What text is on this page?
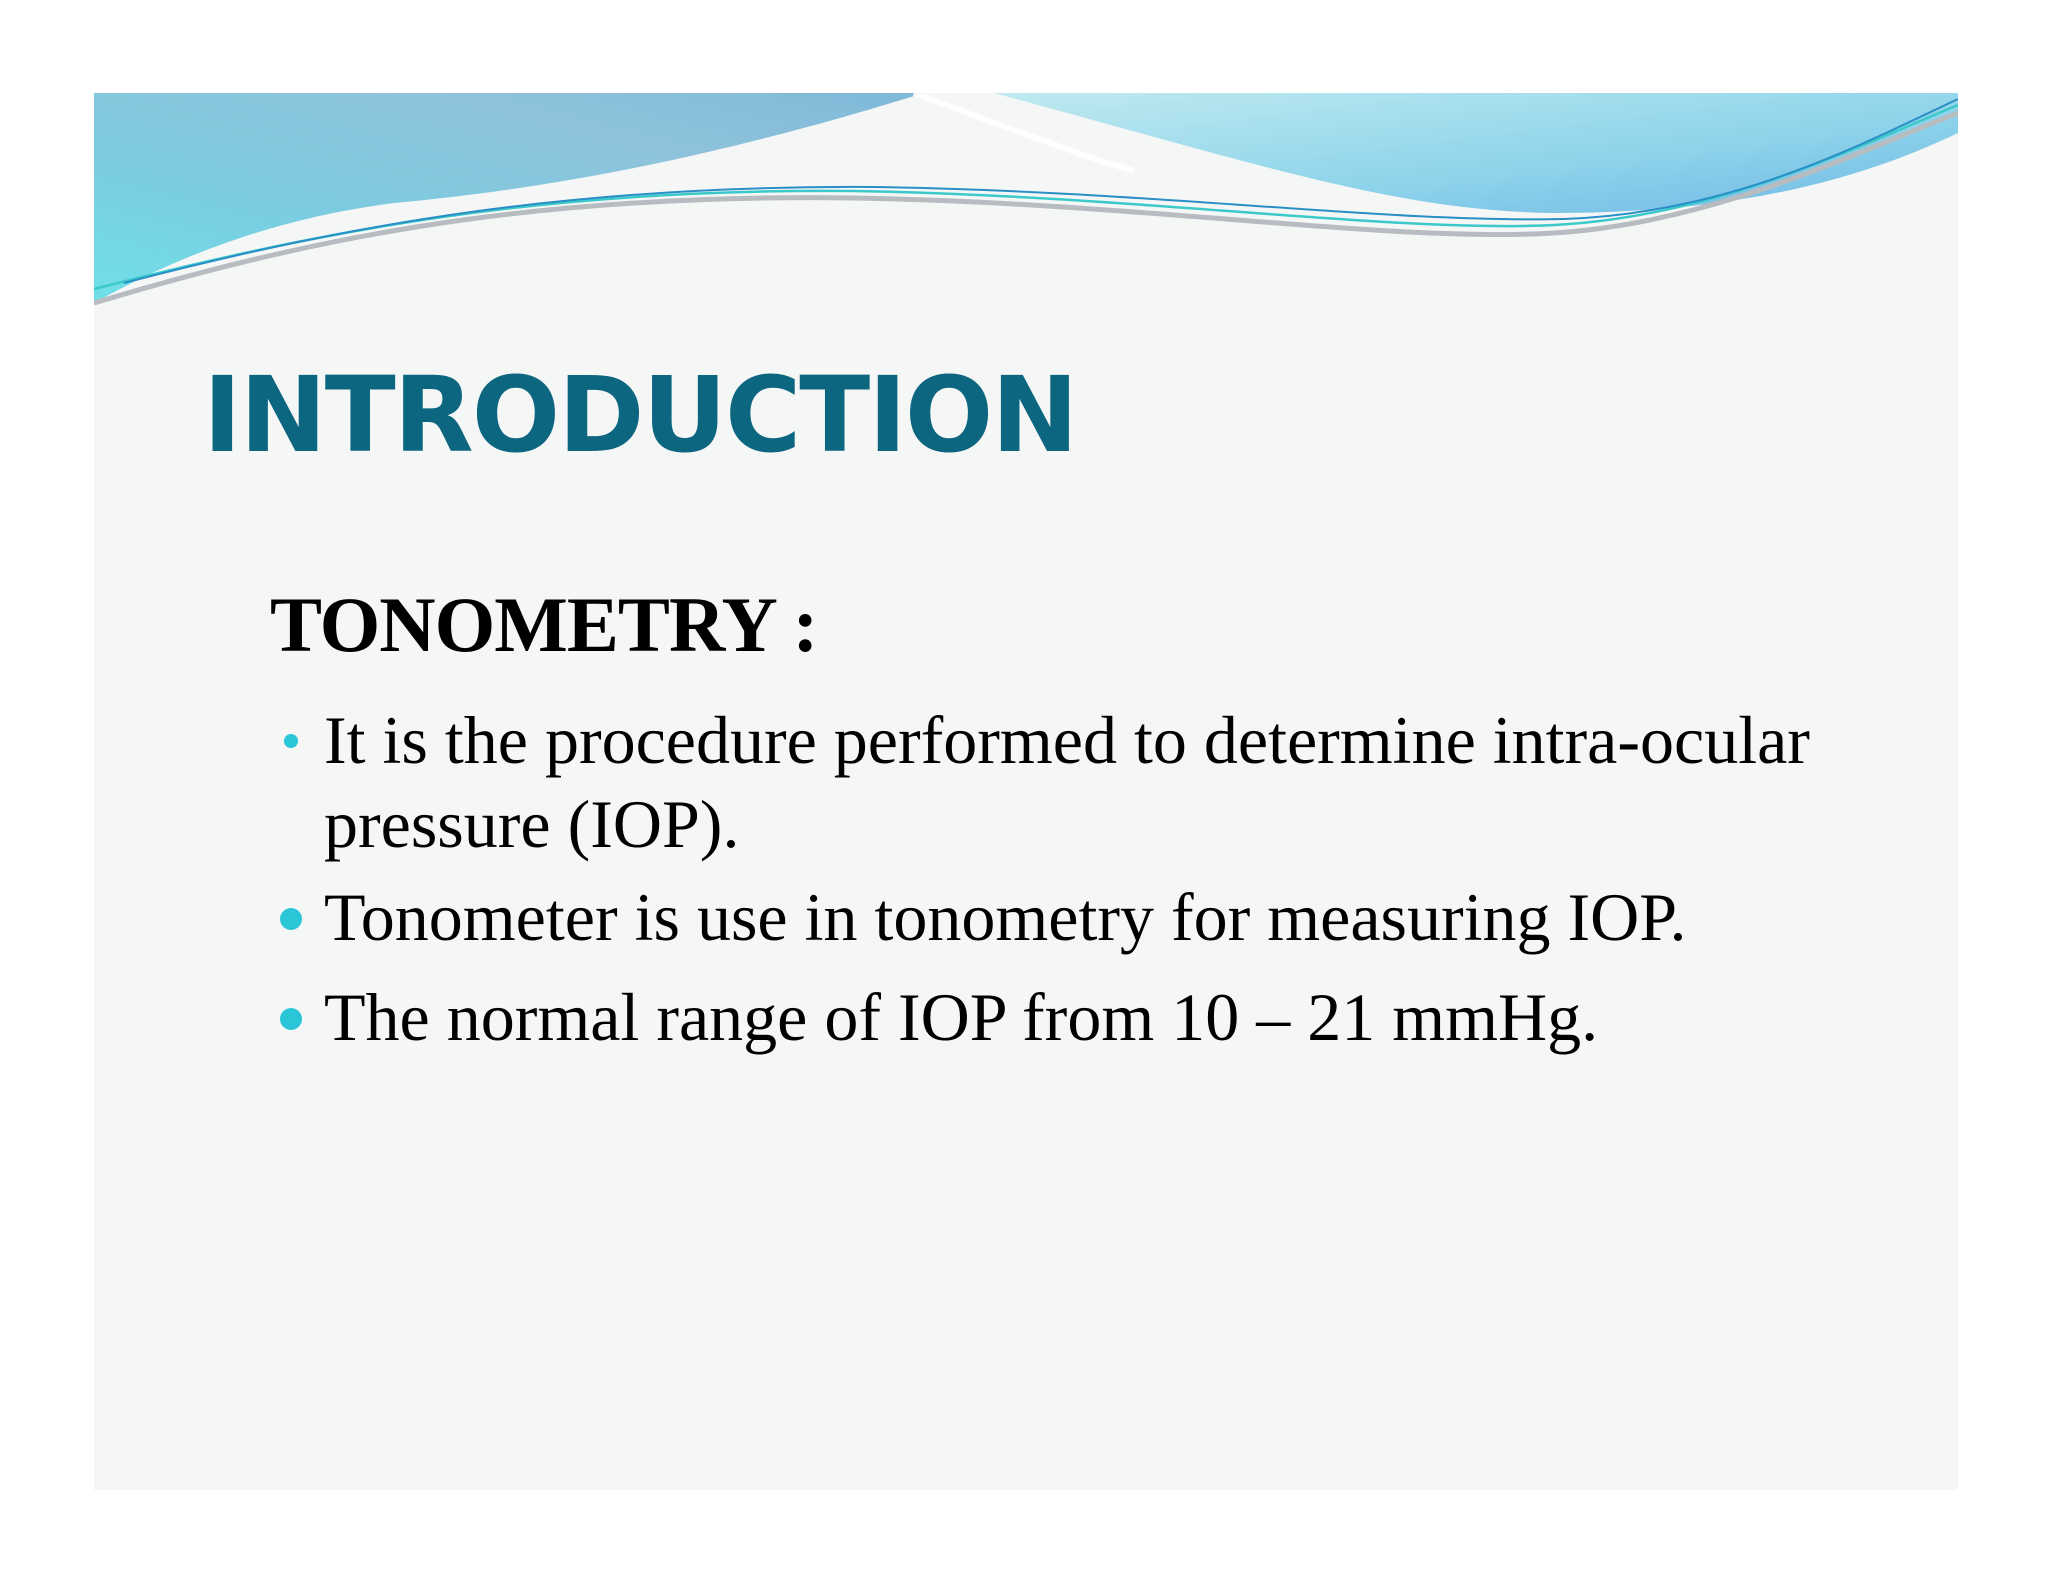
INTRODUCTION
TONOMETRY :
It is the procedure performed to determine intra-ocular pressure (IOP).
Tonometer is use in tonometry for measuring IOP.
The normal range of IOP from 10 – 21 mmHg.
